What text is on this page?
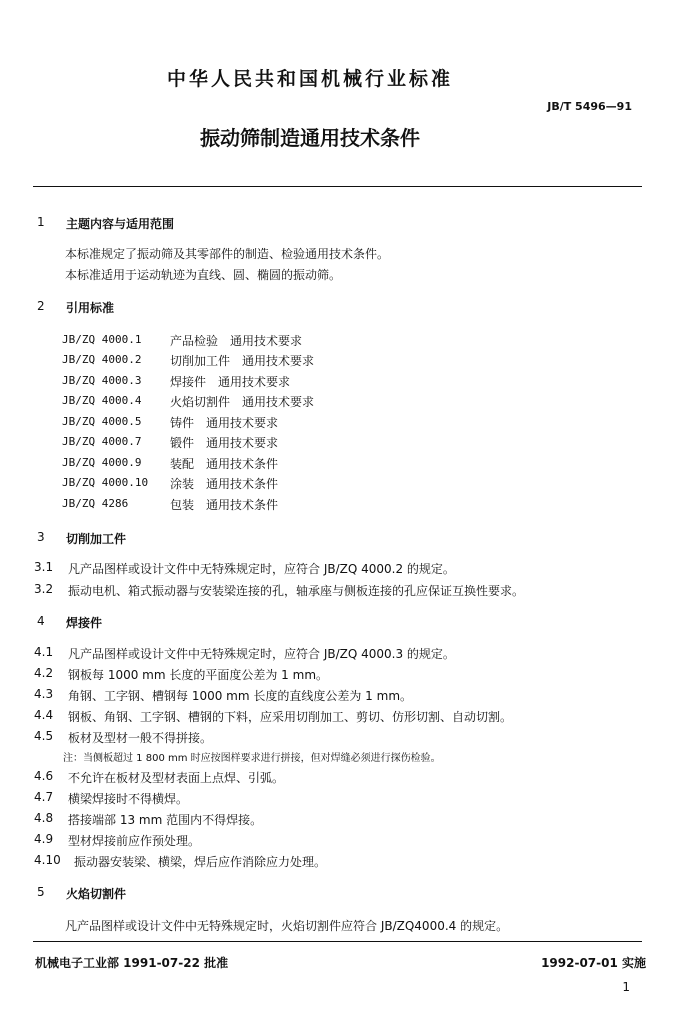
中华人民共和国机械行业标准
JB/T 5496—91
振动筛制造通用技术条件
1 主题内容与适用范围
本标准规定了振动筛及其零部件的制造、检验通用技术条件。
本标准适用于运动轨迹为直线、圆、椭圆的振动筛。
2 引用标准
JB/ZQ 4000.1 产品检验　通用技术要求
JB/ZQ 4000.2 切削加工件　通用技术要求
JB/ZQ 4000.3 焊接件　通用技术要求
JB/ZQ 4000.4 火焰切割件　通用技术要求
JB/ZQ 4000.5 铸件　通用技术要求
JB/ZQ 4000.7 锻件　通用技术要求
JB/ZQ 4000.9 装配　通用技术条件
JB/ZQ 4000.10 涂装　通用技术条件
JB/ZQ 4286	包装　通用技术条件
3 切削加工件
3.1 凡产品图样或设计文件中无特殊规定时，应符合 JB/ZQ 4000.2 的规定。
3.2 振动电机、箱式振动器与安装梁连接的孔，轴承座与侧板连接的孔应保证互换性要求。
4 焊接件
4.1 凡产品图样或设计文件中无特殊规定时，应符合 JB/ZQ 4000.3 的规定。
4.2 钢板每 1000 mm 长度的平面度公差为 1 mm。
4.3 角钢、工字钢、槽钢每 1000 mm 长度的直线度公差为 1 mm。
4.4 钢板、角钢、工字钢、槽钢的下料，应采用切削加工、剪切、仿形切割、自动切割。
4.5 板材及型材一般不得拼接。
注：当侧板超过 1 800 mm 时应按图样要求进行拼接，但对焊缝必须进行探伤检验。
4.6 不允许在板材及型材表面上点焊、引弧。
4.7 横梁焊接时不得横焊。
4.8 搭接端部 13 mm 范围内不得焊接。
4.9 型材焊接前应作预处理。
4.10 振动器安装梁、横梁，焊后应作消除应力处理。
5 火焰切割件
凡产品图样或设计文件中无特殊规定时，火焰切割件应符合 JB/ZQ4000.4 的规定。
机械电子工业部 1991-07-22 批准	1992-07-01 实施
1
